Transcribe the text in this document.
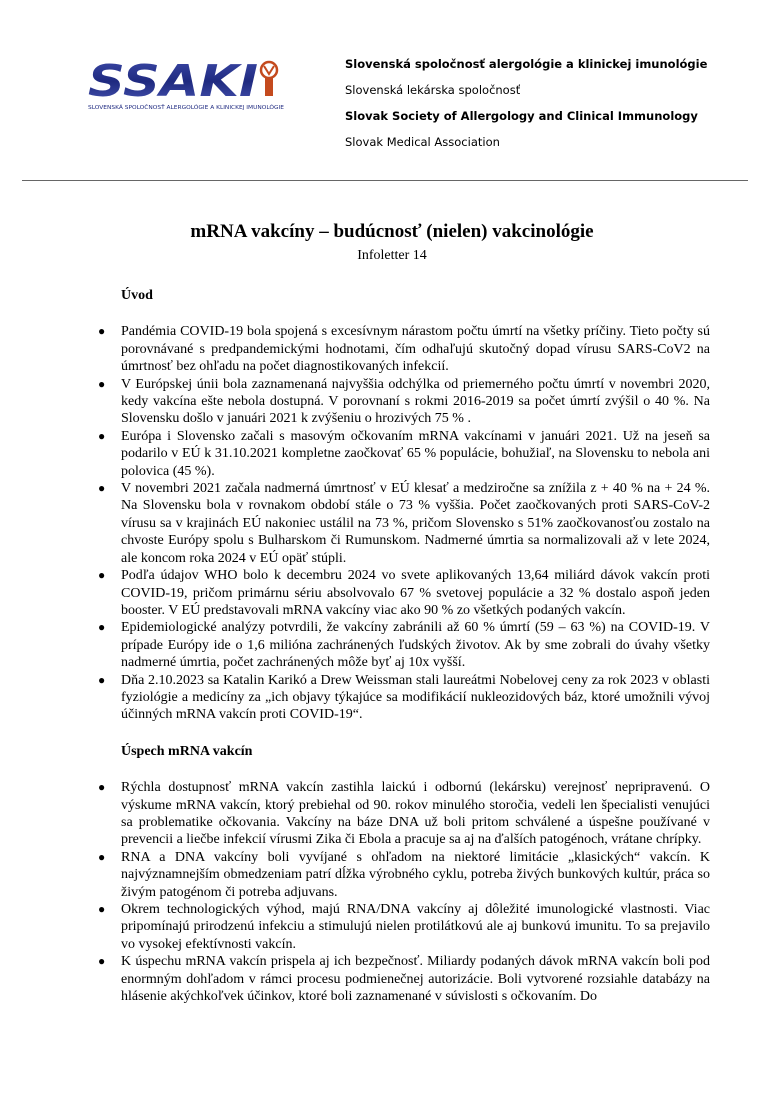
SSAKI
SLOVENSKÁ SPOLOČNOSŤ ALERGOLÓGIE A KLINICKEJ IMUNOLÓGIE
Slovenská spoločnosť alergológie a klinickej imunológie
Slovenská lekárska spoločnosť
Slovak Society of Allergology and Clinical Immunology
Slovak Medical Association
mRNA vakcíny – budúcnosť (nielen) vakcinológie
Infoletter 14
Úvod
● Pandémia COVID-19 bola spojená s excesívnym nárastom počtu úmrtí na všetky príčiny. Tieto počty sú porovnávané s predpandemickými hodnotami, čím odhaľujú skutočný dopad vírusu SARS-CoV2 na úmrtnosť bez ohľadu na počet diagnostikovaných infekcií.
● V Európskej únii bola zaznamenaná najvyššia odchýlka od priemerného počtu úmrtí v novembri 2020, kedy vakcína ešte nebola dostupná. V porovnaní s rokmi 2016-2019 sa počet úmrtí zvýšil o 40 %. Na Slovensku došlo v januári 2021 k zvýšeniu o hrozivých 75 % .
● Európa i Slovensko začali s masovým očkovaním mRNA vakcínami v januári 2021. Už na jeseň sa podarilo v EÚ k 31.10.2021 kompletne zaočkovať 65 % populácie, bohužiaľ, na Slovensku to nebola ani polovica (45 %).
● V novembri 2021 začala nadmerná úmrtnosť v EÚ klesať a medziročne sa znížila z + 40 % na + 24 %. Na Slovensku bola v rovnakom období stále o 73 % vyššia. Počet zaočkovaných proti SARS-CoV-2 vírusu sa v krajinách EÚ nakoniec ustálil na 73 %, pričom Slovensko s 51% zaočkovanosťou zostalo na chvoste Európy spolu s Bulharskom či Rumunskom. Nadmerné úmrtia sa normalizovali až v lete 2024, ale koncom roka 2024 v EÚ opäť stúpli.
● Podľa údajov WHO bolo k decembru 2024 vo svete aplikovaných 13,64 miliárd dávok vakcín proti COVID-19, pričom primárnu sériu absolvovalo 67 % svetovej populácie a 32 % dostalo aspoň jeden booster. V EÚ predstavovali mRNA vakcíny viac ako 90 % zo všetkých podaných vakcín.
● Epidemiologické analýzy potvrdili, že vakcíny zabránili až 60 % úmrtí (59 – 63 %) na COVID-19. V prípade Európy ide o 1,6 milióna zachránených ľudských životov. Ak by sme zobrali do úvahy všetky nadmerné úmrtia, počet zachránených môže byť aj 10x vyšší.
● Dňa 2.10.2023 sa Katalin Karikó a Drew Weissman stali laureátmi Nobelovej ceny za rok 2023 v oblasti fyziológie a medicíny za „ich objavy týkajúce sa modifikácií nukleozidových báz, ktoré umožnili vývoj účinných mRNA vakcín proti COVID-19“.
Úspech mRNA vakcín
● Rýchla dostupnosť mRNA vakcín zastihla laickú i odbornú (lekársku) verejnosť nepripravenú. O výskume mRNA vakcín, ktorý prebiehal od 90. rokov minulého storočia, vedeli len špecialisti venujúci sa problematike očkovania. Vakcíny na báze DNA už boli pritom schválené a úspešne používané v prevencii a liečbe infekcií vírusmi Zika či Ebola a pracuje sa aj na ďalších patogénoch, vrátane chrípky.
● RNA a DNA vakcíny boli vyvíjané s ohľadom na niektoré limitácie „klasických“ vakcín. K najvýznamnejším obmedzeniam patrí dĺžka výrobného cyklu, potreba živých bunkových kultúr, práca so živým patogénom či potreba adjuvans.
● Okrem technologických výhod, majú RNA/DNA vakcíny aj dôležité imunologické vlastnosti. Viac pripomínajú prirodzenú infekciu a stimulujú nielen protilátkovú ale aj bunkovú imunitu. To sa prejavilo vo vysokej efektívnosti vakcín.
● K úspechu mRNA vakcín prispela aj ich bezpečnosť. Miliardy podaných dávok mRNA vakcín boli pod enormným dohľadom v rámci procesu podmienečnej autorizácie. Boli vytvorené rozsiahle databázy na hlásenie akýchkoľvek účinkov, ktoré boli zaznamenané v súvislosti s očkovaním. Do
